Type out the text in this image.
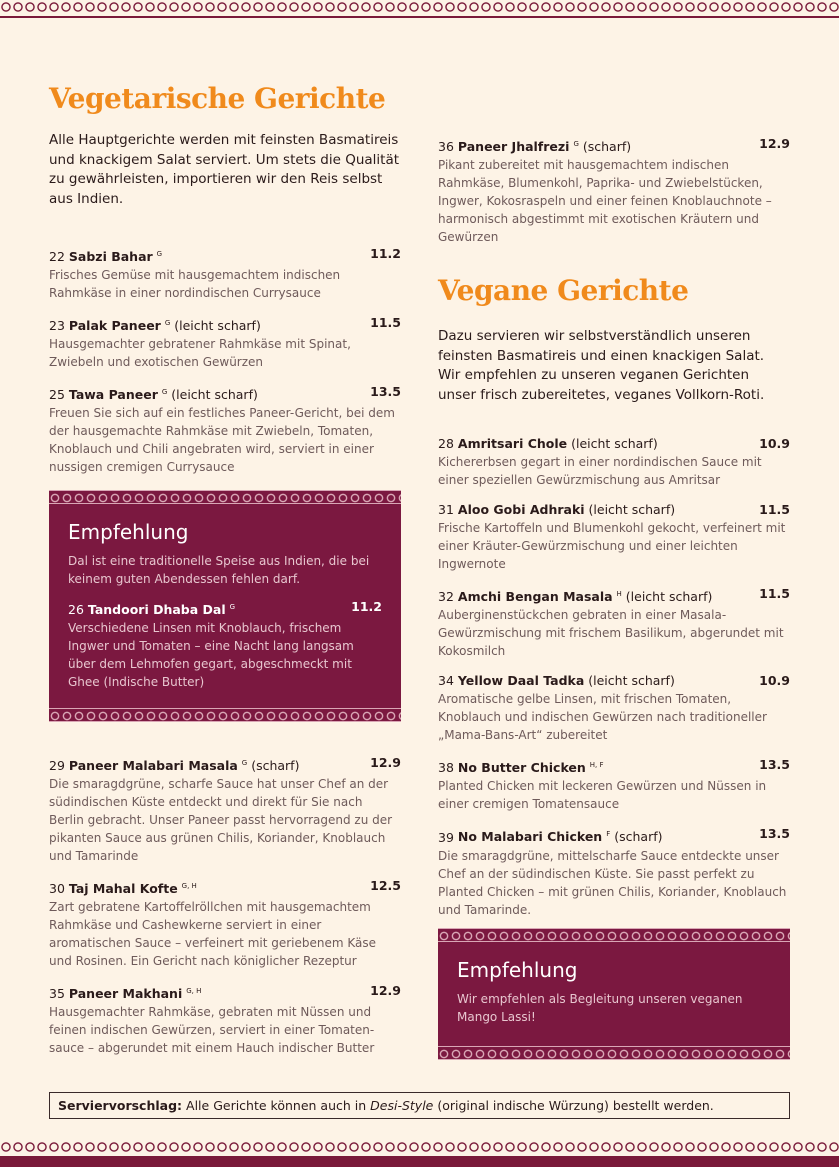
Vegetarische Gerichte

Alle Hauptgerichte werden mit feinsten Basmatireis und knackigem Salat serviert. Um stets die Qualität zu gewährleisten, importieren wir den Reis selbst aus Indien.

22 Sabzi Bahar $^G$	11.2
Frisches Gemüse mit hausgemachtem indischen Rahmkäse in einer nordindischen Currysauce
23 Palak Paneer $^G$ (leicht scharf)	11.5
Hausgemachter gebratener Rahmkäse mit Spinat, Zwiebeln und exotischen Gewürzen
25 Tawa Paneer $^G$ (leicht scharf)	13.5
Freuen Sie sich auf ein festliches Paneer-Gericht, bei dem der hausgemachte Rahmkäse mit Zwiebeln, Tomaten, Knoblauch und Chili angebraten wird, serviert in einer nussigen cremigen Currysauce
Empfehlung
Dal ist eine traditionelle Speise aus Indien, die bei keinem guten Abendessen fehlen darf.
26 Tandoori Dhaba Dal $^G$	11.2
Verschiedene Linsen mit Knoblauch, frischem Ingwer und Tomaten – eine Nacht lang langsam über dem Lehmofen gegart, abgeschmeckt mit Ghee (Indische Butter)
29 Paneer Malabari Masala $^G$ (scharf)	12.9
Die smaragdgrüne, scharfe Sauce hat unser Chef an der südindischen Küste entdeckt und direkt für Sie nach Berlin gebracht. Unser Paneer passt hervorragend zu der pikanten Sauce aus grünen Chilis, Koriander, Knoblauch und Tamarinde
30 Taj Mahal Kofte $^{G, H}$	12.5
Zart gebratene Kartoffelröllchen mit hausgemachtem Rahmkäse und Cashewkerne serviert in einer aromatischen Sauce – verfeinert mit geriebenem Käse und Rosinen. Ein Gericht nach königlicher Rezeptur
35 Paneer Makhani $^{G, H}$	12.9
Hausgemachter Rahmkäse, gebraten mit Nüssen und feinen indischen Gewürzen, serviert in einer Tomaten-sauce – abgerundet mit einem Hauch indischer Butter
36 Paneer Jhalfrezi $^G$ (scharf)	12.9
Pikant zubereitet mit hausgemachtem indischen Rahmkäse, Blumenkohl, Paprika- und Zwiebelstücken, Ingwer, Kokosraspeln und einer feinen Knoblauchnote – harmonisch abgestimmt mit exotischen Kräutern und Gewürzen
Vegane Gerichte

Dazu servieren wir selbstverständlich unseren feinsten Basmatireis und einen knackigen Salat. Wir empfehlen zu unseren veganen Gerichten unser frisch zubereitetes, veganes Vollkorn-Roti.

28 Amritsari Chole (leicht scharf)	10.9
Kichererbsen gegart in einer nordindischen Sauce mit einer speziellen Gewürzmischung aus Amritsar
31 Aloo Gobi Adhraki (leicht scharf)	11.5
Frische Kartoffeln und Blumenkohl gekocht, verfeinert mit einer Kräuter-Gewürzmischung und einer leichten Ingwernote
32 Amchi Bengan Masala $^H$ (leicht scharf)	11.5
Auberginenstückchen gebraten in einer Masala-Gewürzmischung mit frischem Basilikum, abgerundet mit Kokosmilch
34 Yellow Daal Tadka (leicht scharf)	10.9
Aromatische gelbe Linsen, mit frischen Tomaten, Knoblauch und indischen Gewürzen nach traditioneller „Mama-Bans-Art“ zubereitet
38 No Butter Chicken $^{H, F}$	13.5
Planted Chicken mit leckeren Gewürzen und Nüssen in einer cremigen Tomatensauce
39 No Malabari Chicken $^F$ (scharf)	13.5
Die smaragdgrüne, mittelscharfe Sauce entdeckte unser Chef an der südindischen Küste. Sie passt perfekt zu Planted Chicken – mit grünen Chilis, Koriander, Knoblauch und Tamarinde.
Empfehlung
Wir empfehlen als Begleitung unseren veganen Mango Lassi!
Serviervorschlag: Alle Gerichte können auch in Desi-Style (original indische Würzung) bestellt werden.
